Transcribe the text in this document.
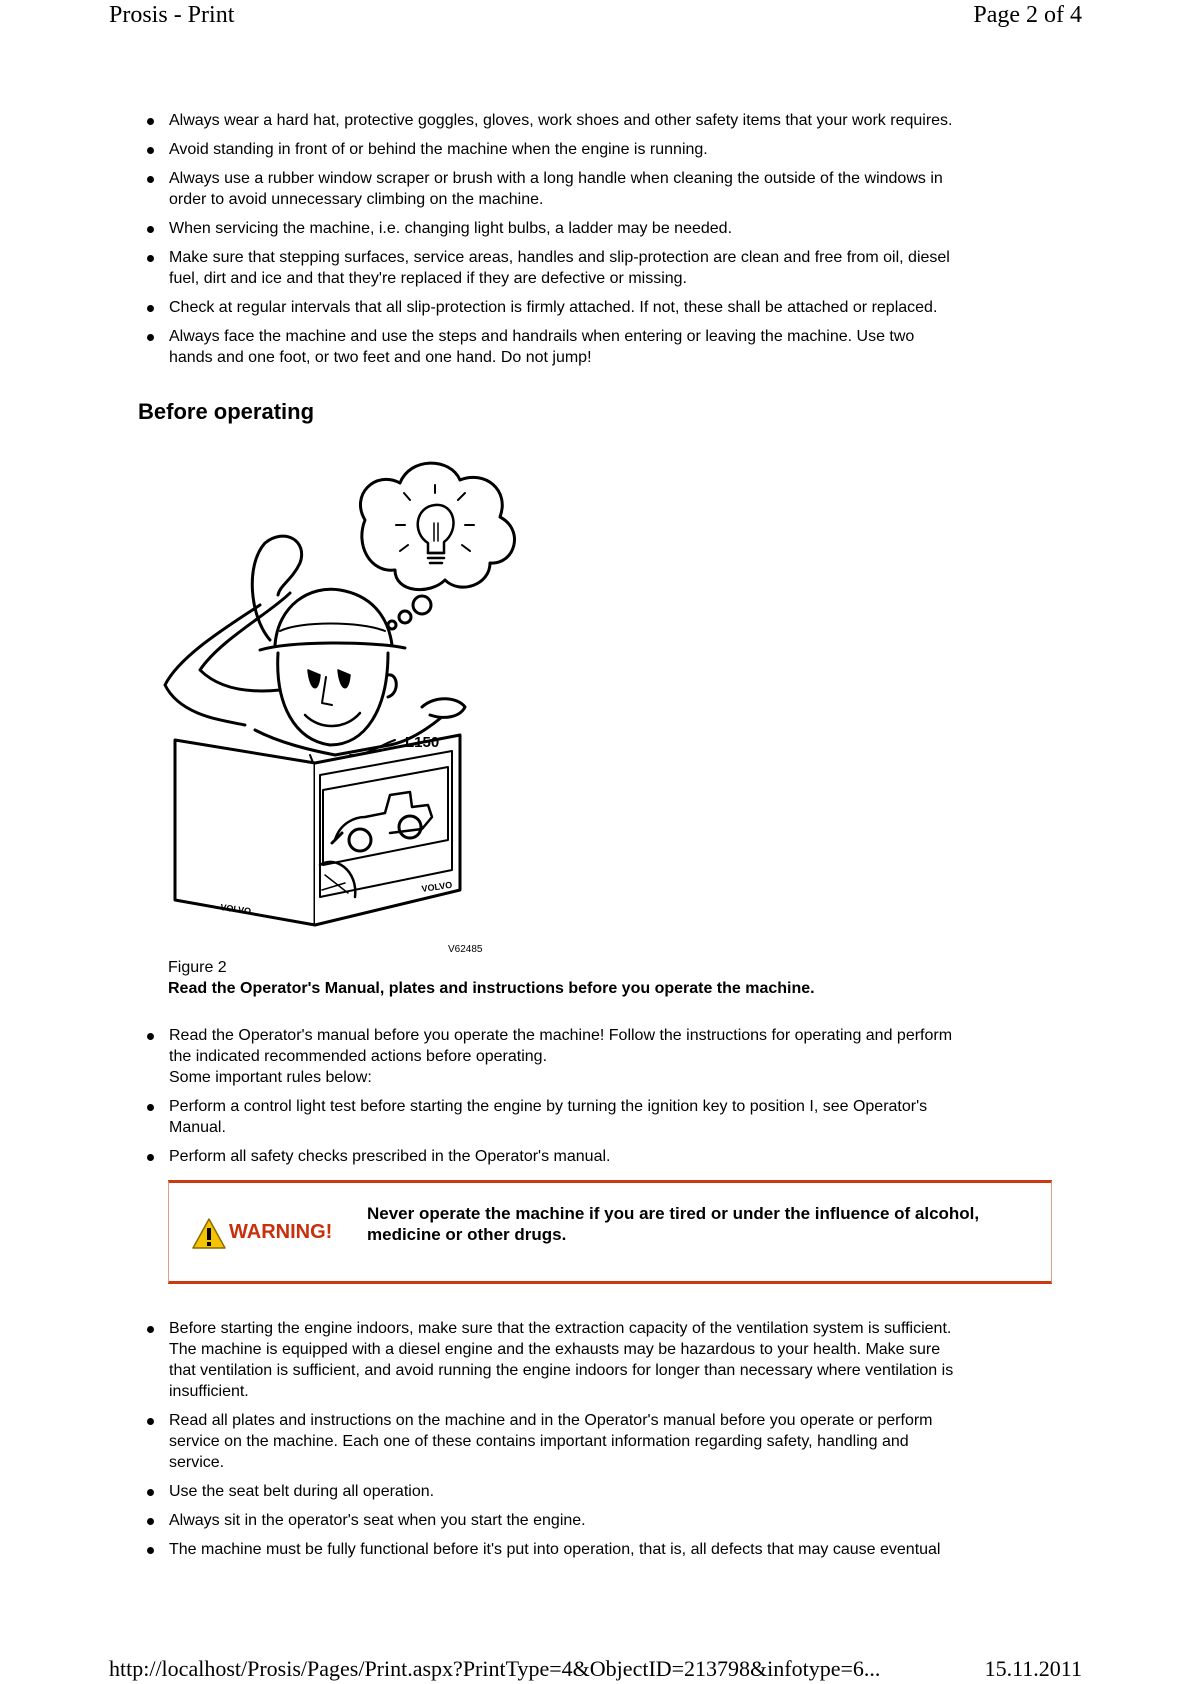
Prosis - Print	Page 2 of 4
Always wear a hard hat, protective goggles, gloves, work shoes and other safety items that your work requires.
Avoid standing in front of or behind the machine when the engine is running.
Always use a rubber window scraper or brush with a long handle when cleaning the outside of the windows in
order to avoid unnecessary climbing on the machine.
When servicing the machine, i.e. changing light bulbs, a ladder may be needed.
Make sure that stepping surfaces, service areas, handles and slip-protection are clean and free from oil, diesel
fuel, dirt and ice and that they're replaced if they are defective or missing.
Check at regular intervals that all slip-protection is firmly attached. If not, these shall be attached or replaced.
Always face the machine and use the steps and handrails when entering or leaving the machine. Use two
hands and one foot, or two feet and one hand. Do not jump!
Before operating
L150
VOLVO
VOLVO
V62485
Figure 2
Read the Operator's Manual, plates and instructions before you operate the machine.
Read the Operator's manual before you operate the machine! Follow the instructions for operating and perform
the indicated recommended actions before operating.
Some important rules below:
Perform a control light test before starting the engine by turning the ignition key to position I, see Operator's
Manual.
Perform all safety checks prescribed in the Operator's manual.
WARNING!
Never operate the machine if you are tired or under the influence of alcohol, medicine or other drugs.
Before starting the engine indoors, make sure that the extraction capacity of the ventilation system is sufficient.
The machine is equipped with a diesel engine and the exhausts may be hazardous to your health. Make sure
that ventilation is sufficient, and avoid running the engine indoors for longer than necessary where ventilation is
insufficient.
Read all plates and instructions on the machine and in the Operator's manual before you operate or perform
service on the machine. Each one of these contains important information regarding safety, handling and
service.
Use the seat belt during all operation.
Always sit in the operator's seat when you start the engine.
The machine must be fully functional before it's put into operation, that is, all defects that may cause eventual
http://localhost/Prosis/Pages/Print.aspx?PrintType=4&ObjectID=213798&infotype=6...	15.11.2011
